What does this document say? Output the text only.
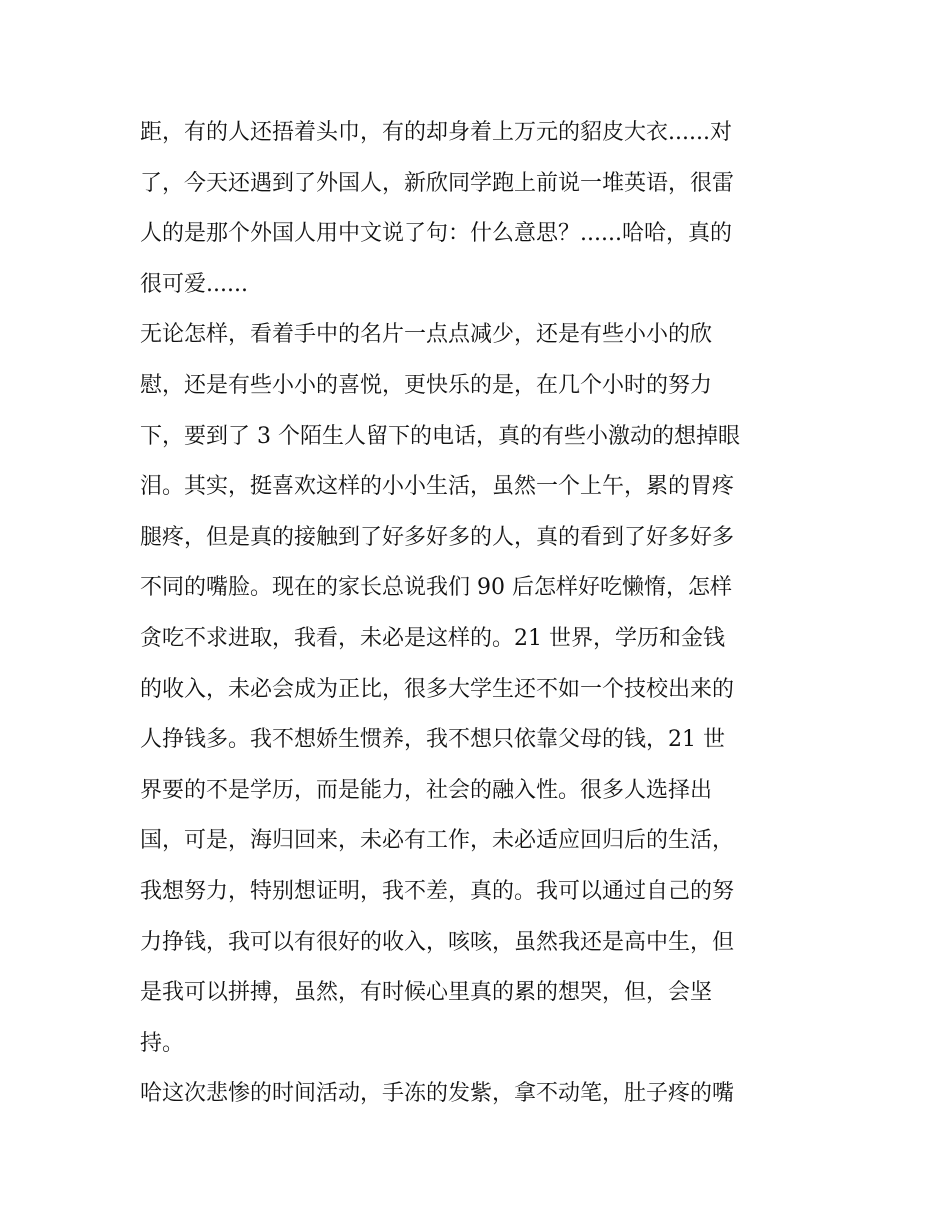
距，有的人还捂着头巾，有的却身着上万元的貂皮大衣......对

了，今天还遇到了外国人，新欣同学跑上前说一堆英语，很雷

人的是那个外国人用中文说了句：什么意思？......哈哈，真的

很可爱......

无论怎样，看着手中的名片一点点减少，还是有些小小的欣

慰，还是有些小小的喜悦，更快乐的是，在几个小时的努力

下，要到了 3 个陌生人留下的电话，真的有些小激动的想掉眼

泪。其实，挺喜欢这样的小小生活，虽然一个上午，累的胃疼

腿疼，但是真的接触到了好多好多的人，真的看到了好多好多

不同的嘴脸。现在的家长总说我们 90 后怎样好吃懒惰，怎样

贪吃不求进取，我看，未必是这样的。21 世界，学历和金钱

的收入，未必会成为正比，很多大学生还不如一个技校出来的

人挣钱多。我不想娇生惯养，我不想只依靠父母的钱，21 世

界要的不是学历，而是能力，社会的融入性。很多人选择出

国，可是，海归回来，未必有工作，未必适应回归后的生活，

我想努力，特别想证明，我不差，真的。我可以通过自己的努

力挣钱，我可以有很好的收入，咳咳，虽然我还是高中生，但

是我可以拼搏，虽然，有时候心里真的累的想哭，但，会坚

持。

哈这次悲惨的时间活动，手冻的发紫，拿不动笔，肚子疼的嘴
